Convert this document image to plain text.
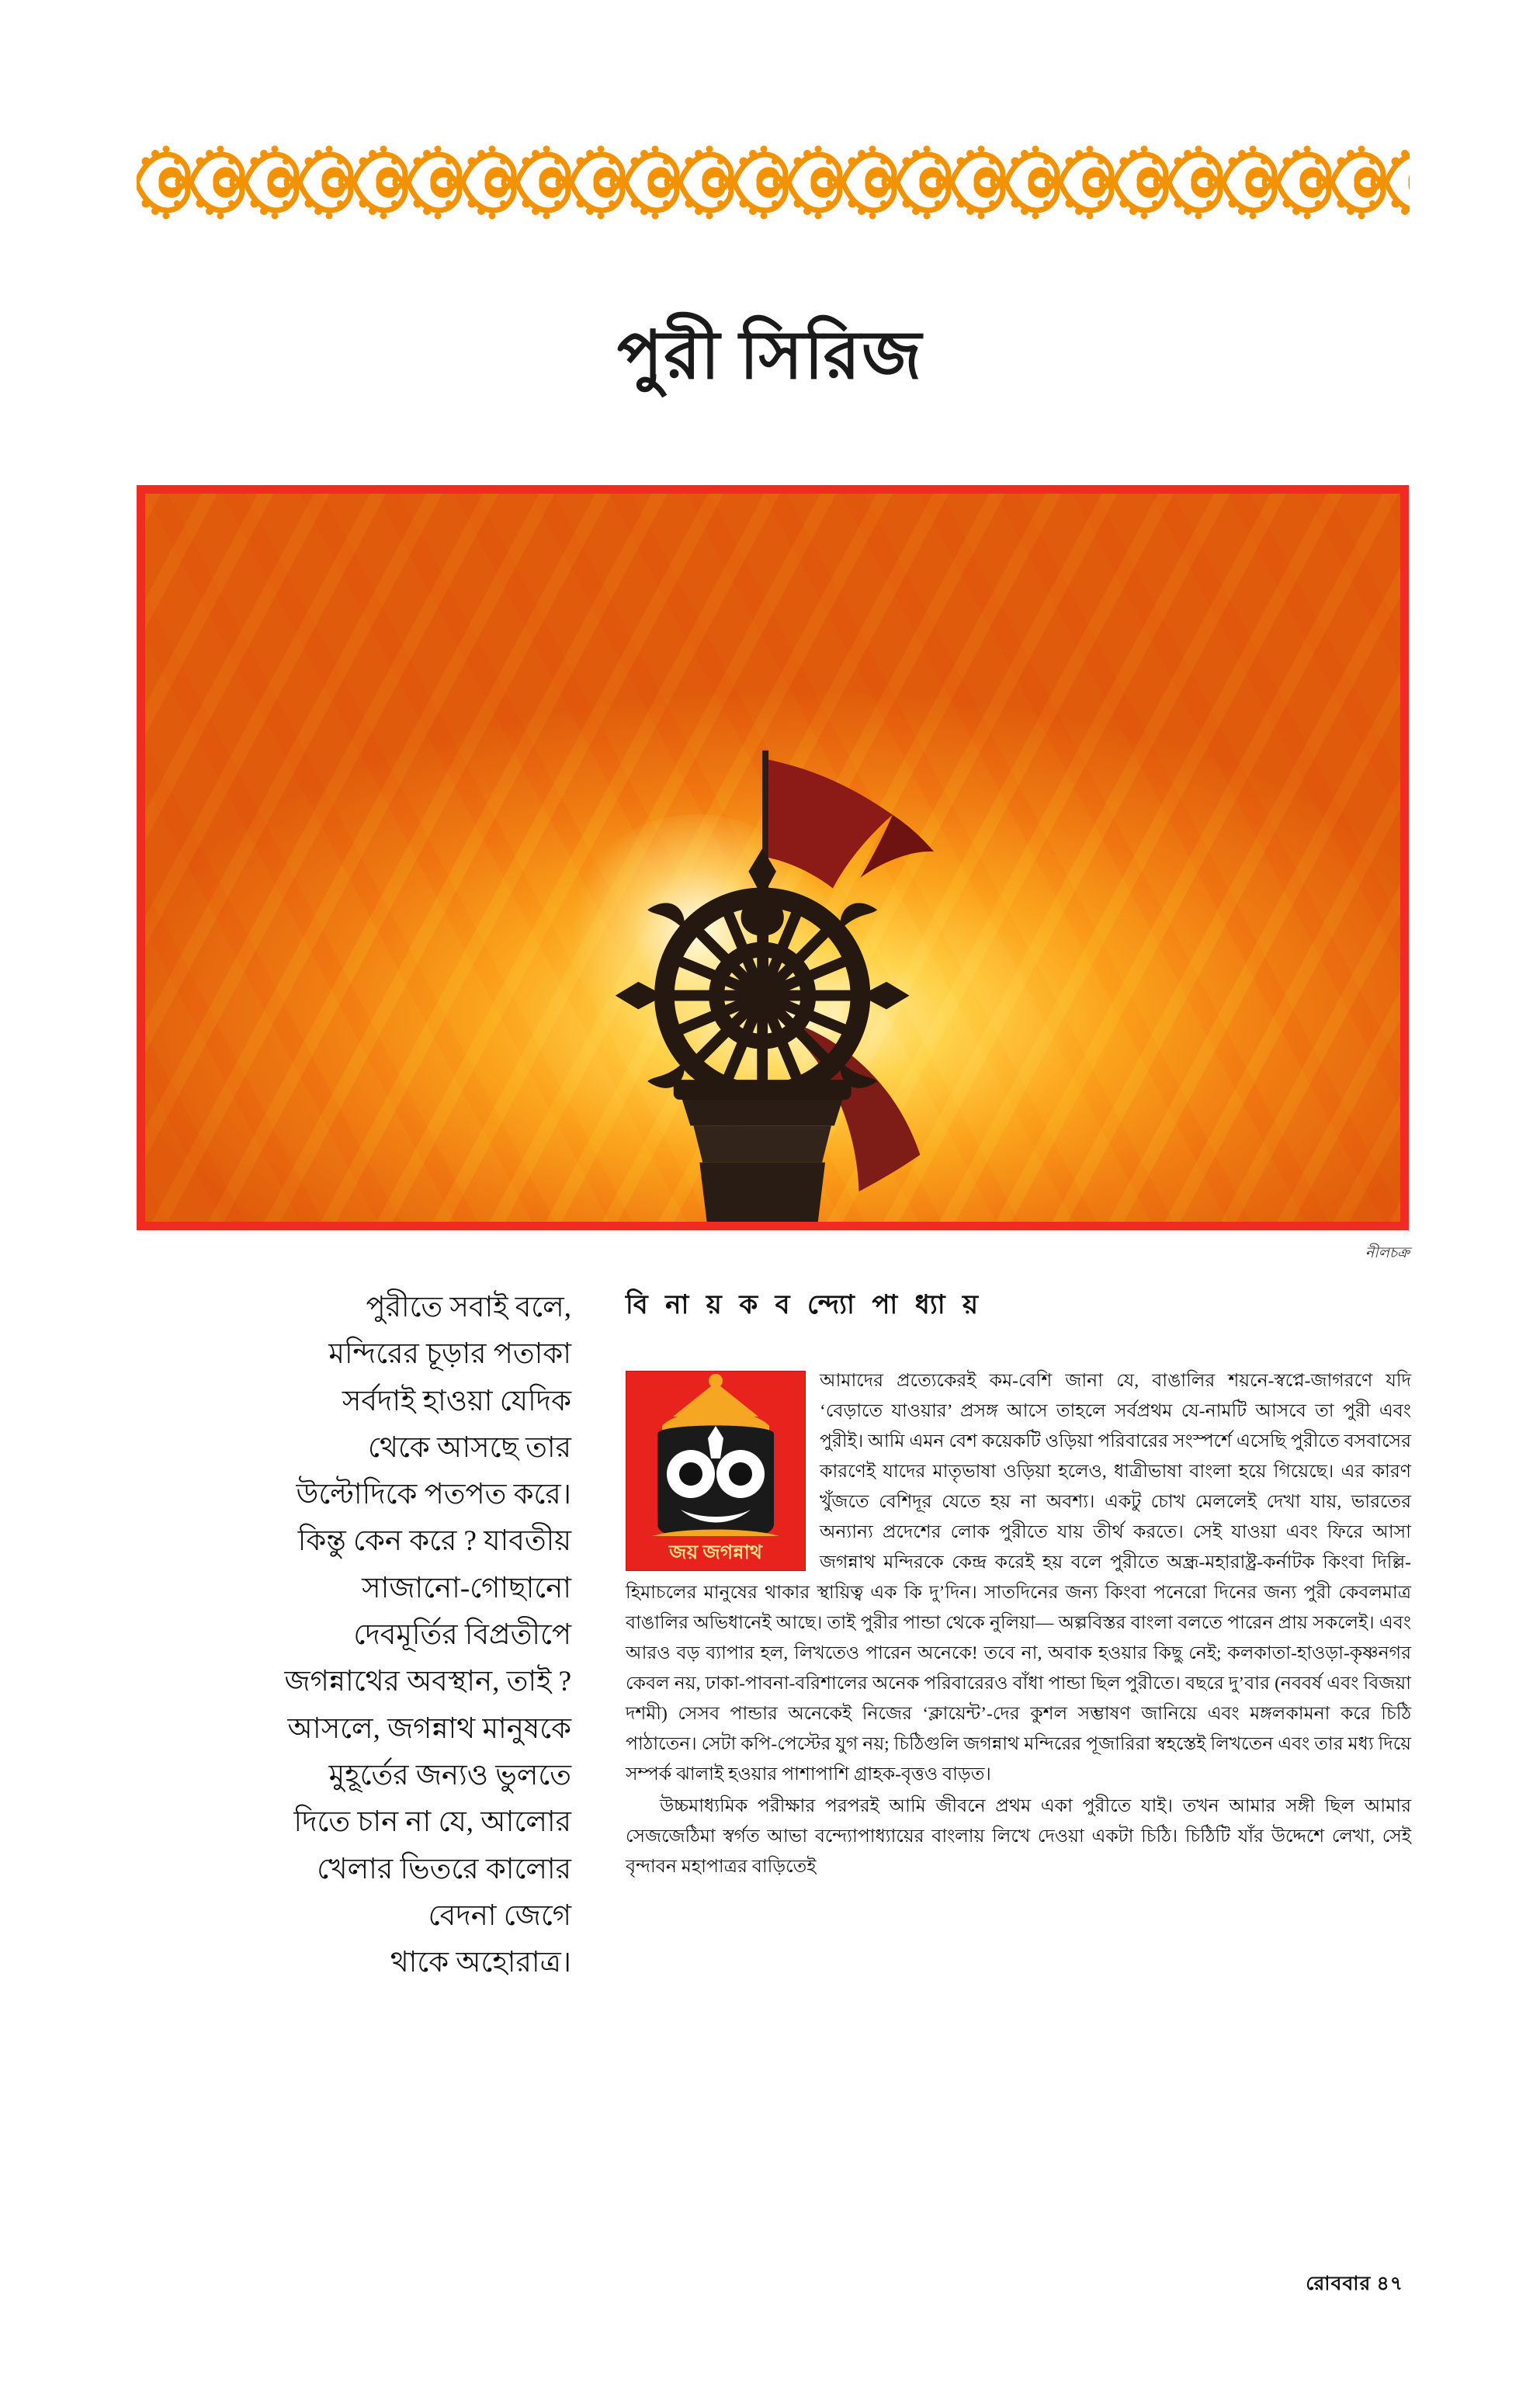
পুরী সিরিজ
নীলচক্র
পুরীতে সবাই বলে,
মন্দিরের চূড়ার পতাকা
সর্বদাই হাওয়া যেদিক
থেকে আসছে তার
উল্টোদিকে পতপত করে।
কিন্তু কেন করে ? যাবতীয়
সাজানো-গোছানো
দেবমূর্তির বিপ্রতীপে
জগন্নাথের অবস্থান, তাই ?
আসলে, জগন্নাথ মানুষকে
মুহূর্তের জন্যও ভুলতে
দিতে চান না যে, আলোর
খেলার ভিতরে কালোর
বেদনা জেগে
থাকে অহোরাত্র।
বি না য় ক ব ন্দ্যো পা ধ্যা য়
জয় জগন্নাথ

আমাদের প্রত্যেকেরই কম-বেশি জানা যে, বাঙালির শয়নে-স্বপ্নে-জাগরণে যদি ‘বেড়াতে যাওয়ার’ প্রসঙ্গ আসে তাহলে সর্বপ্রথম যে-নামটি আসবে তা পুরী এবং পুরীই। আমি এমন বেশ কয়েকটি ওড়িয়া পরিবারের সংস্পর্শে এসেছি পুরীতে বসবাসের কারণেই যাদের মাতৃভাষা ওড়িয়া হলেও, ধাত্রীভাষা বাংলা হয়ে গিয়েছে। এর কারণ খুঁজতে বেশিদূর যেতে হয় না অবশ্য। একটু চোখ মেললেই দেখা যায়, ভারতের অন্যান্য প্রদেশের লোক পুরীতে যায় তীর্থ করতে। সেই যাওয়া এবং ফিরে আসা জগন্নাথ মন্দিরকে কেন্দ্র করেই হয় বলে পুরীতে অন্ধ্র-মহারাষ্ট্র-কর্নাটক কিংবা দিল্লি-হিমাচলের মানুষের থাকার স্থায়িত্ব এক কি দু’দিন। সাতদিনের জন্য কিংবা পনেরো দিনের জন্য পুরী কেবলমাত্র বাঙালির অভিধানেই আছে। তাই পুরীর পান্ডা থেকে নুলিয়া— অল্পবিস্তর বাংলা বলতে পারেন প্রায় সকলেই। এবং আরও বড় ব্যাপার হল, লিখতেও পারেন অনেকে! তবে না, অবাক হওয়ার কিছু নেই; কলকাতা-হাওড়া-কৃষ্ণনগর কেবল নয়, ঢাকা-পাবনা-বরিশালের অনেক পরিবারেরও বাঁধা পান্ডা ছিল পুরীতে। বছরে দু’বার (নববর্ষ এবং বিজয়া দশমী) সেসব পান্ডার অনেকেই নিজের ‘ক্লায়েন্ট’-দের কুশল সম্ভাষণ জানিয়ে এবং মঙ্গলকামনা করে চিঠি পাঠাতেন। সেটা কপি-পেস্টের যুগ নয়; চিঠিগুলি জগন্নাথ মন্দিরের পূজারিরা স্বহস্তেই লিখতেন এবং তার মধ্য দিয়ে সম্পর্ক ঝালাই হওয়ার পাশাপাশি গ্রাহক-বৃত্তও বাড়ত।

উচ্চমাধ্যমিক পরীক্ষার পরপরই আমি জীবনে প্রথম একা পুরীতে যাই। তখন আমার সঙ্গী ছিল আমার সেজজেঠিমা স্বর্গত আভা বন্দ্যোপাধ্যায়ের বাংলায় লিখে দেওয়া একটা চিঠি। চিঠিটি যাঁর উদ্দেশে লেখা, সেই বৃন্দাবন মহাপাত্রর বাড়িতেই

রোববার ৪৭
